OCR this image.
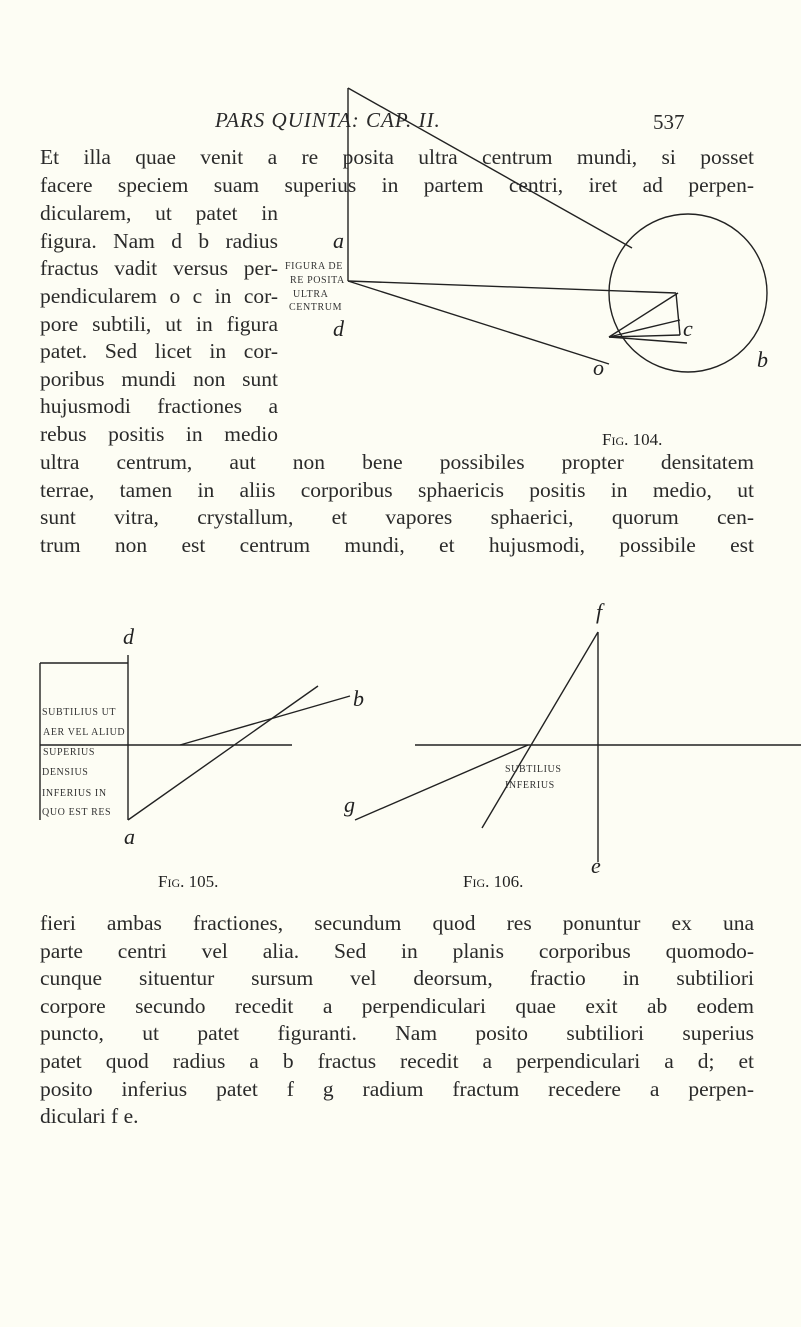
PARS QUINTA: CAP. II.	537
Et illa quae venit a re posita ultra centrum mundi, si posset
facere speciem suam superius in partem centri, iret ad perpen-
dicularem, ut patet in
figura. Nam d b radius
fractus vadit versus per-
pendicularem o c in cor-
pore subtili, ut in figura
patet. Sed licet in cor-
poribus mundi non sunt
hujusmodi fractiones a
rebus positis in medio
ultra centrum, aut non bene possibiles propter densitatem
terrae, tamen in aliis corporibus sphaericis positis in medio, ut
sunt vitra, crystallum, et vapores sphaerici, quorum cen-
trum non est centrum mundi, et hujusmodi, possibile est
FIGURA DE
RE POSITA
ULTRA
CENTRUM
a
d	c
b
o
Fig. 104.
SUBTILIUS UT
AER VEL ALIUD
SUPERIUS
DENSIUS
INFERIUS IN
QUO EST RES
d
b
a
Fig. 105.
SUBTILIUS
INFERIUS
f
g
e
Fig. 106.
fieri ambas fractiones, secundum quod res ponuntur ex una
parte centri vel alia. Sed in planis corporibus quomodo-
cunque situentur sursum vel deorsum, fractio in subtiliori
corpore secundo recedit a perpendiculari quae exit ab eodem
puncto, ut patet figuranti. Nam posito subtiliori superius
patet quod radius a b fractus recedit a perpendiculari a d; et
posito inferius patet f g radium fractum recedere a perpen-
diculari f e.
